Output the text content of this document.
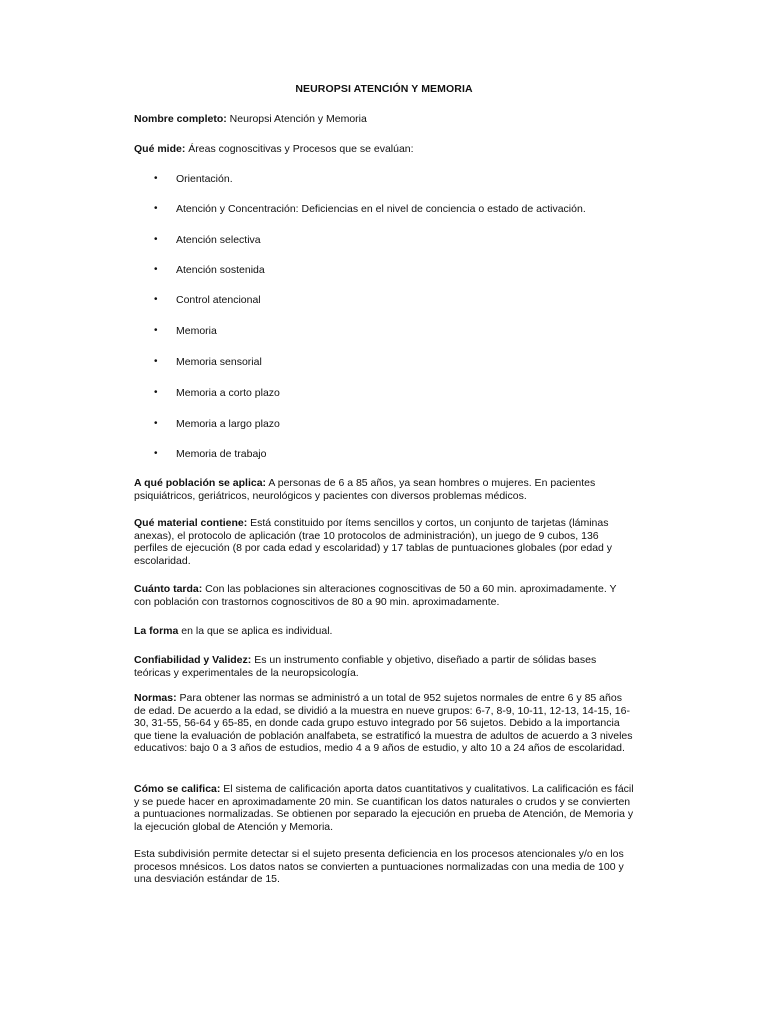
NEUROPSI ATENCIÓN Y MEMORIA
Nombre completo: Neuropsi Atención y Memoria
Qué mide: Áreas cognoscitivas y Procesos que se evalúan:
• Orientación.
• Atención y Concentración: Deficiencias en el nivel de conciencia o estado de activación.
• Atención selectiva
• Atención sostenida
• Control atencional
• Memoria
• Memoria sensorial
• Memoria a corto plazo
• Memoria a largo plazo
• Memoria de trabajo
A qué población se aplica: A personas de 6 a 85 años, ya sean hombres o mujeres. En pacientes psiquiátricos, geriátricos, neurológicos y pacientes con diversos problemas médicos.
Qué material contiene: Está constituido por ítems sencillos y cortos, un conjunto de tarjetas (láminas anexas), el protocolo de aplicación (trae 10 protocolos de administración), un juego de 9 cubos, 136 perfiles de ejecución (8 por cada edad y escolaridad) y 17 tablas de puntuaciones globales (por edad y escolaridad.
Cuánto tarda: Con las poblaciones sin alteraciones cognoscitivas de 50 a 60 min. aproximadamente. Y con población con trastornos cognoscitivos de 80 a 90 min. aproximadamente.
La forma en la que se aplica es individual.
Confiabilidad y Validez: Es un instrumento confiable y objetivo, diseñado a partir de sólidas bases teóricas y experimentales de la neuropsicología.
Normas: Para obtener las normas se administró a un total de 952 sujetos normales de entre 6 y 85 años de edad. De acuerdo a la edad, se dividió a la muestra en nueve grupos: 6-7, 8-9, 10-11, 12-13, 14-15, 16-30, 31-55, 56-64 y 65-85, en donde cada grupo estuvo integrado por 56 sujetos. Debido a la importancia que tiene la evaluación de población analfabeta, se estratificó la muestra de adultos de acuerdo a 3 niveles educativos: bajo 0 a 3 años de estudios, medio 4 a 9 años de estudio, y alto 10 a 24 años de escolaridad.
Cómo se califica: El sistema de calificación aporta datos cuantitativos y cualitativos. La calificación es fácil y se puede hacer en aproximadamente 20 min. Se cuantifican los datos naturales o crudos y se convierten a puntuaciones normalizadas. Se obtienen por separado la ejecución en prueba de Atención, de Memoria y la ejecución global de Atención y Memoria.
Esta subdivisión permite detectar si el sujeto presenta deficiencia en los procesos atencionales y/o en los procesos mnésicos. Los datos natos se convierten a puntuaciones normalizadas con una media de 100 y una desviación estándar de 15.
